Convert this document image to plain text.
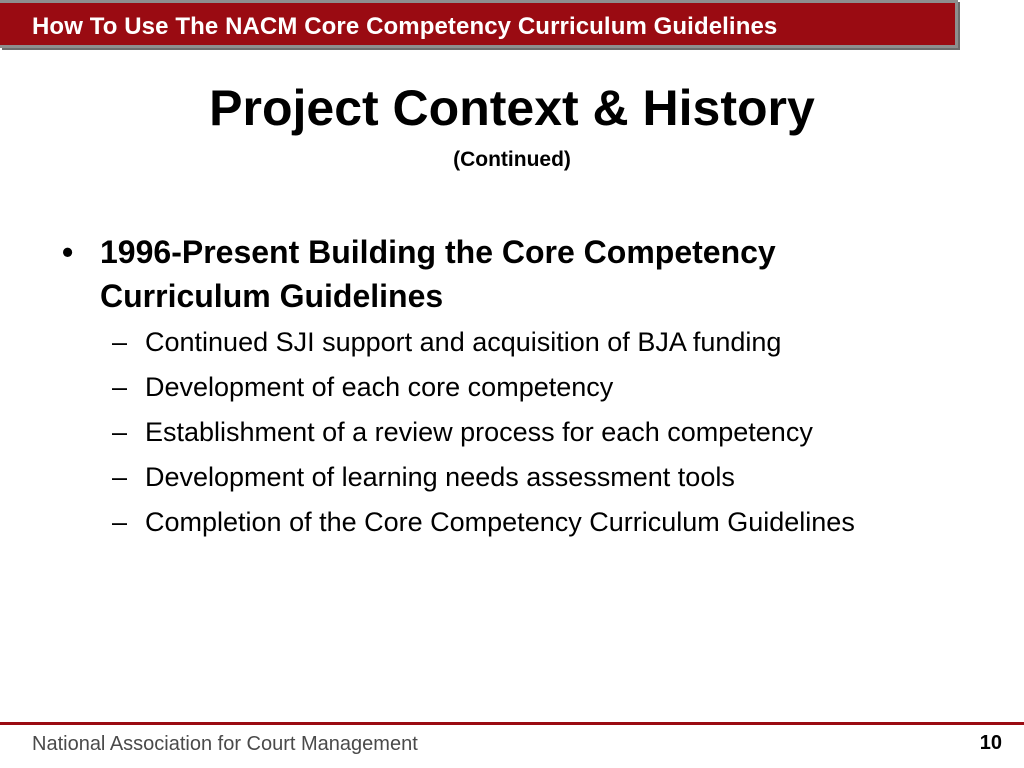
How To Use The NACM Core Competency Curriculum Guidelines
Project Context & History
(Continued)
• 1996-Present Building the Core Competency Curriculum Guidelines
– Continued SJI support and acquisition of BJA funding
– Development of each core competency
– Establishment of a review process for each competency
– Development of learning needs assessment tools
– Completion of the Core Competency Curriculum Guidelines
National Association for Court Management	10
